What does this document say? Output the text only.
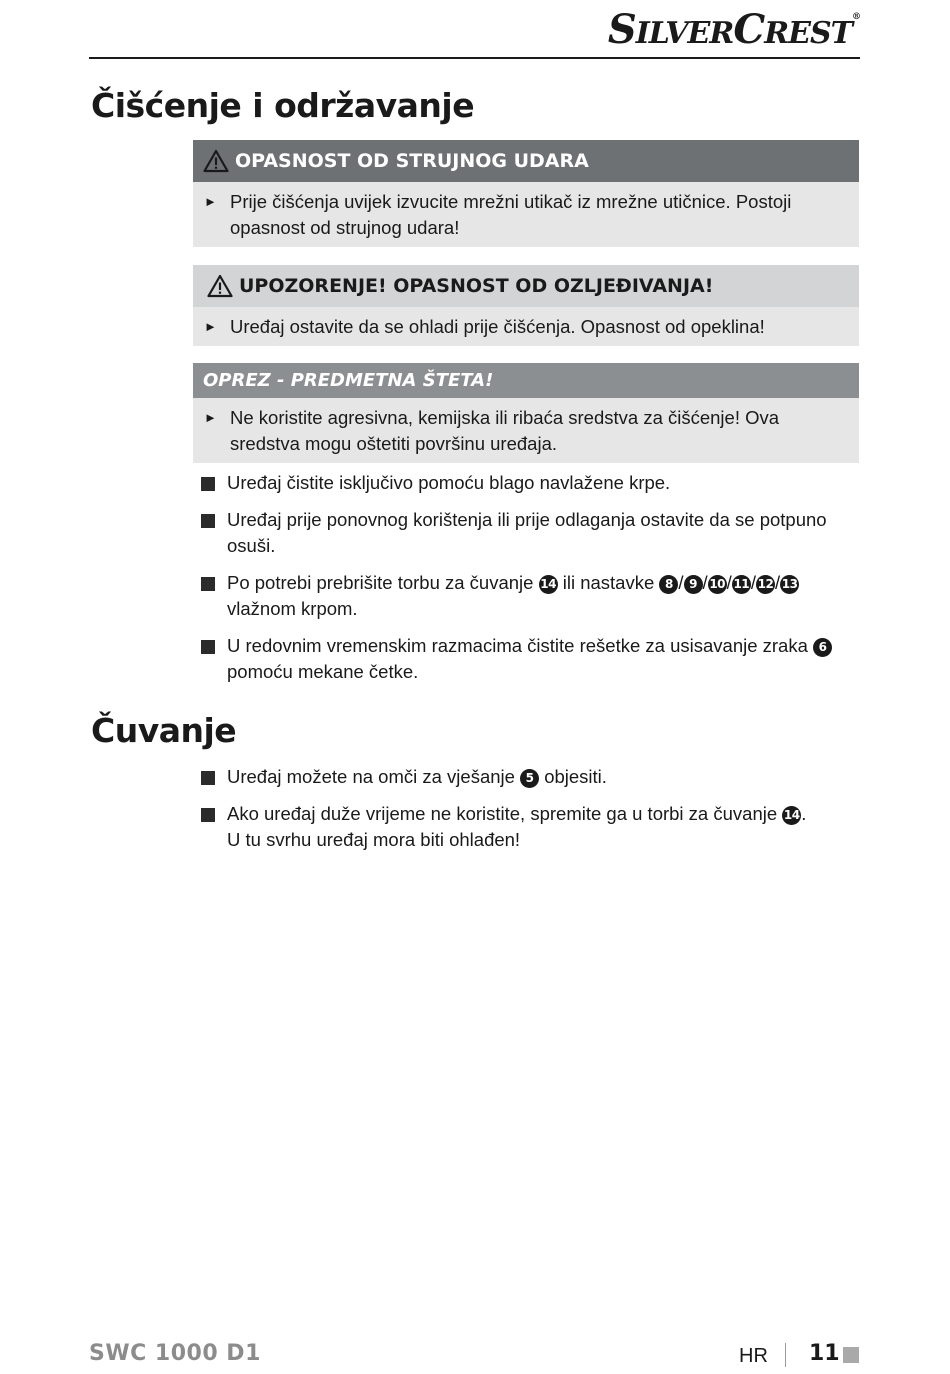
SILVERCREST®
Čišćenje i održavanje
OPASNOST OD STRUJNOG UDARA
► Prije čišćenja uvijek izvucite mrežni utikač iz mrežne utičnice. Postoji opasnost od strujnog udara!
UPOZORENJE! OPASNOST OD OZLJEĐIVANJA!
► Uređaj ostavite da se ohladi prije čišćenja. Opasnost od opeklina!
OPREZ - PREDMETNA ŠTETA!
► Ne koristite agresivna, kemijska ili ribaća sredstva za čišćenje! Ova sredstva mogu oštetiti površinu uređaja.
Uređaj čistite isključivo pomoću blago navlažene krpe.
Uređaj prije ponovnog korištenja ili prije odlaganja ostavite da se potpuno osuši.
Po potrebi prebrišite torbu za čuvanje 14 ili nastavke 8 / 9 / 10/ 11/ 12/ 13
vlažnom krpom.
U redovnim vremenskim razmacima čistite rešetke za usisavanje zraka 6
pomoću mekane četke.
Čuvanje
Uređaj možete na omči za vješanje 5 objesiti.
Ako uređaj duže vrijeme ne koristite, spremite ga u torbi za čuvanje 14.
U tu svrhu uređaj mora biti ohlađen!
SWC 1000 D1	HR 11
